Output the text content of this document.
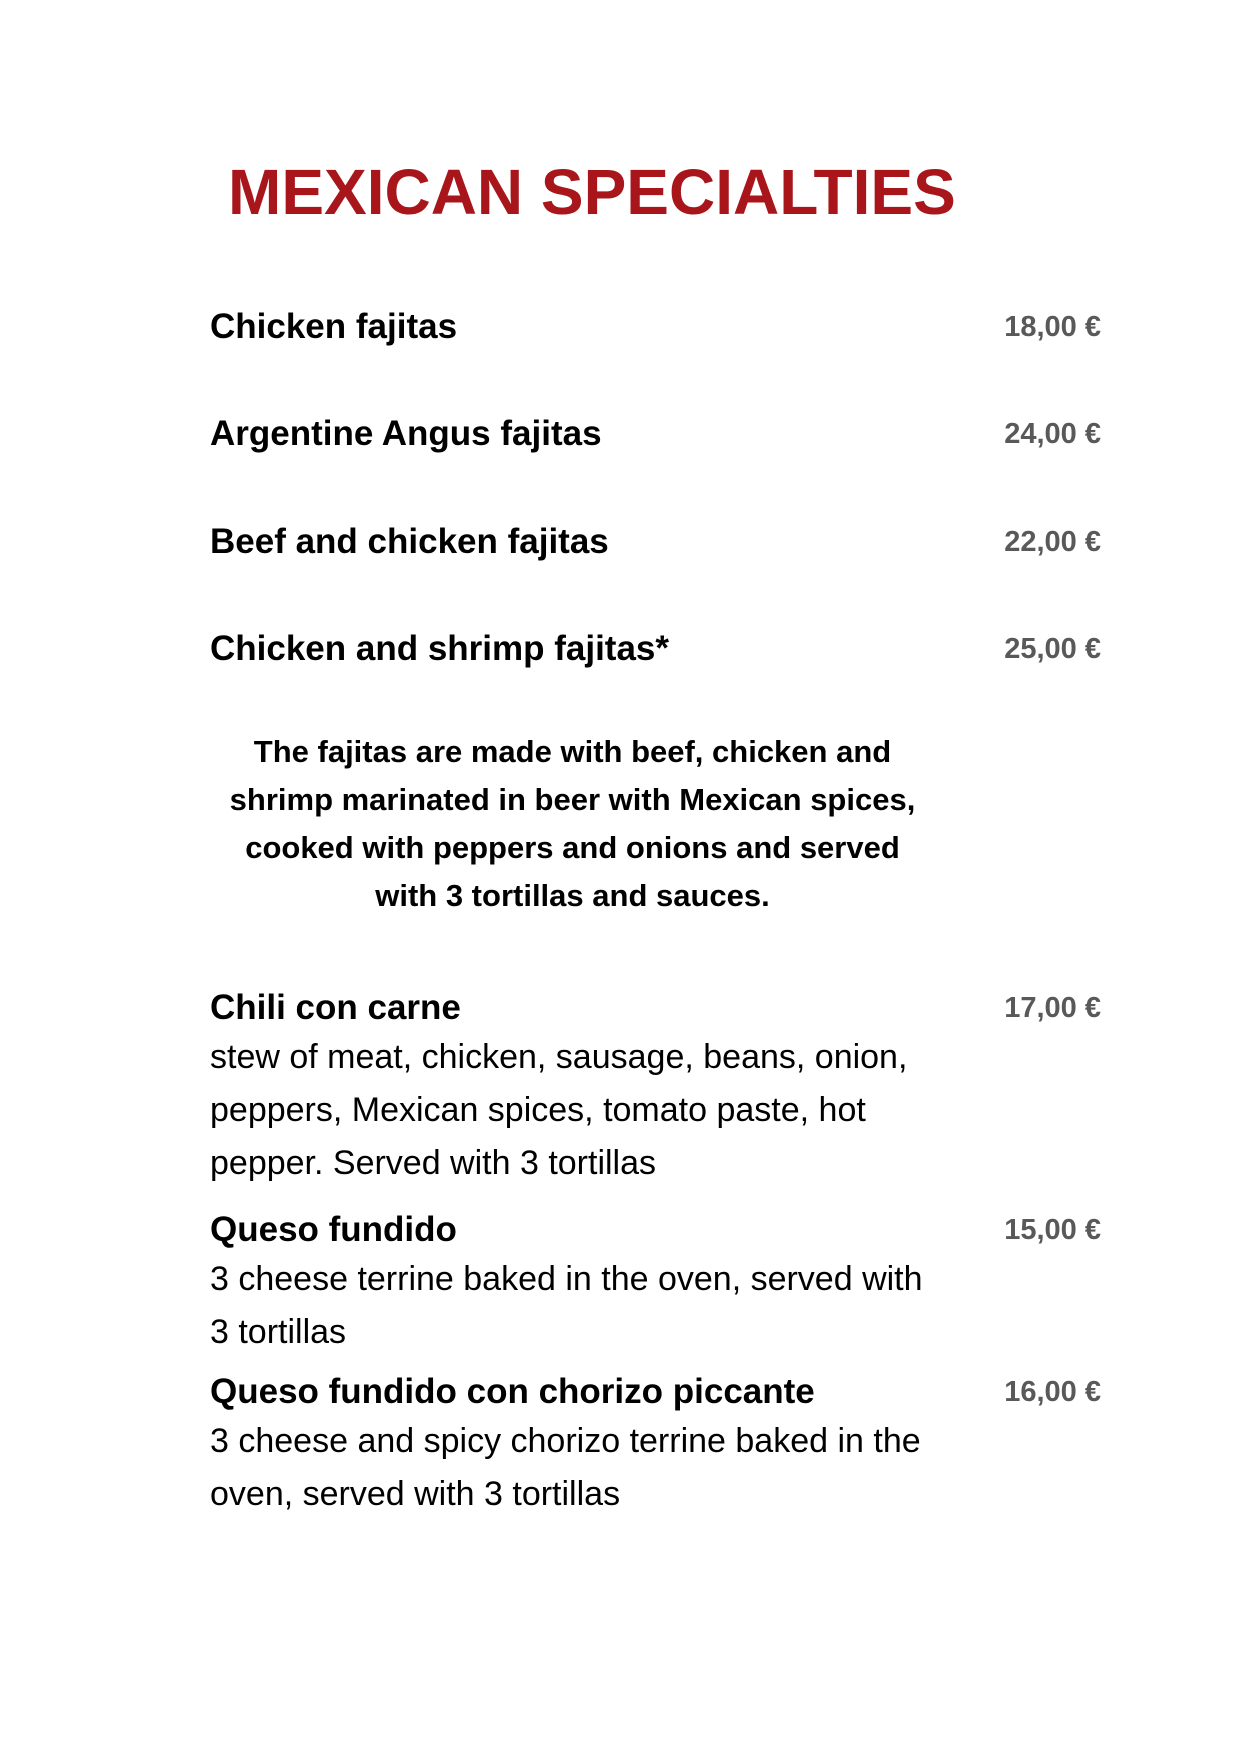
MEXICAN SPECIALTIES
Chicken fajitas	18,00 €
Argentine Angus fajitas	24,00 €
Beef and chicken fajitas	22,00 €
Chicken and shrimp fajitas*	25,00 €
The fajitas are made with beef, chicken and shrimp marinated in beer with Mexican spices, cooked with peppers and onions and served with 3 tortillas and sauces.
Chili con carne	17,00 €
stew of meat, chicken, sausage, beans, onion, peppers, Mexican spices, tomato paste, hot pepper. Served with 3 tortillas
Queso fundido	15,00 €
3 cheese terrine baked in the oven, served with 3 tortillas
Queso fundido con chorizo piccante	16,00 €
3 cheese and spicy chorizo terrine baked in the oven, served with 3 tortillas
